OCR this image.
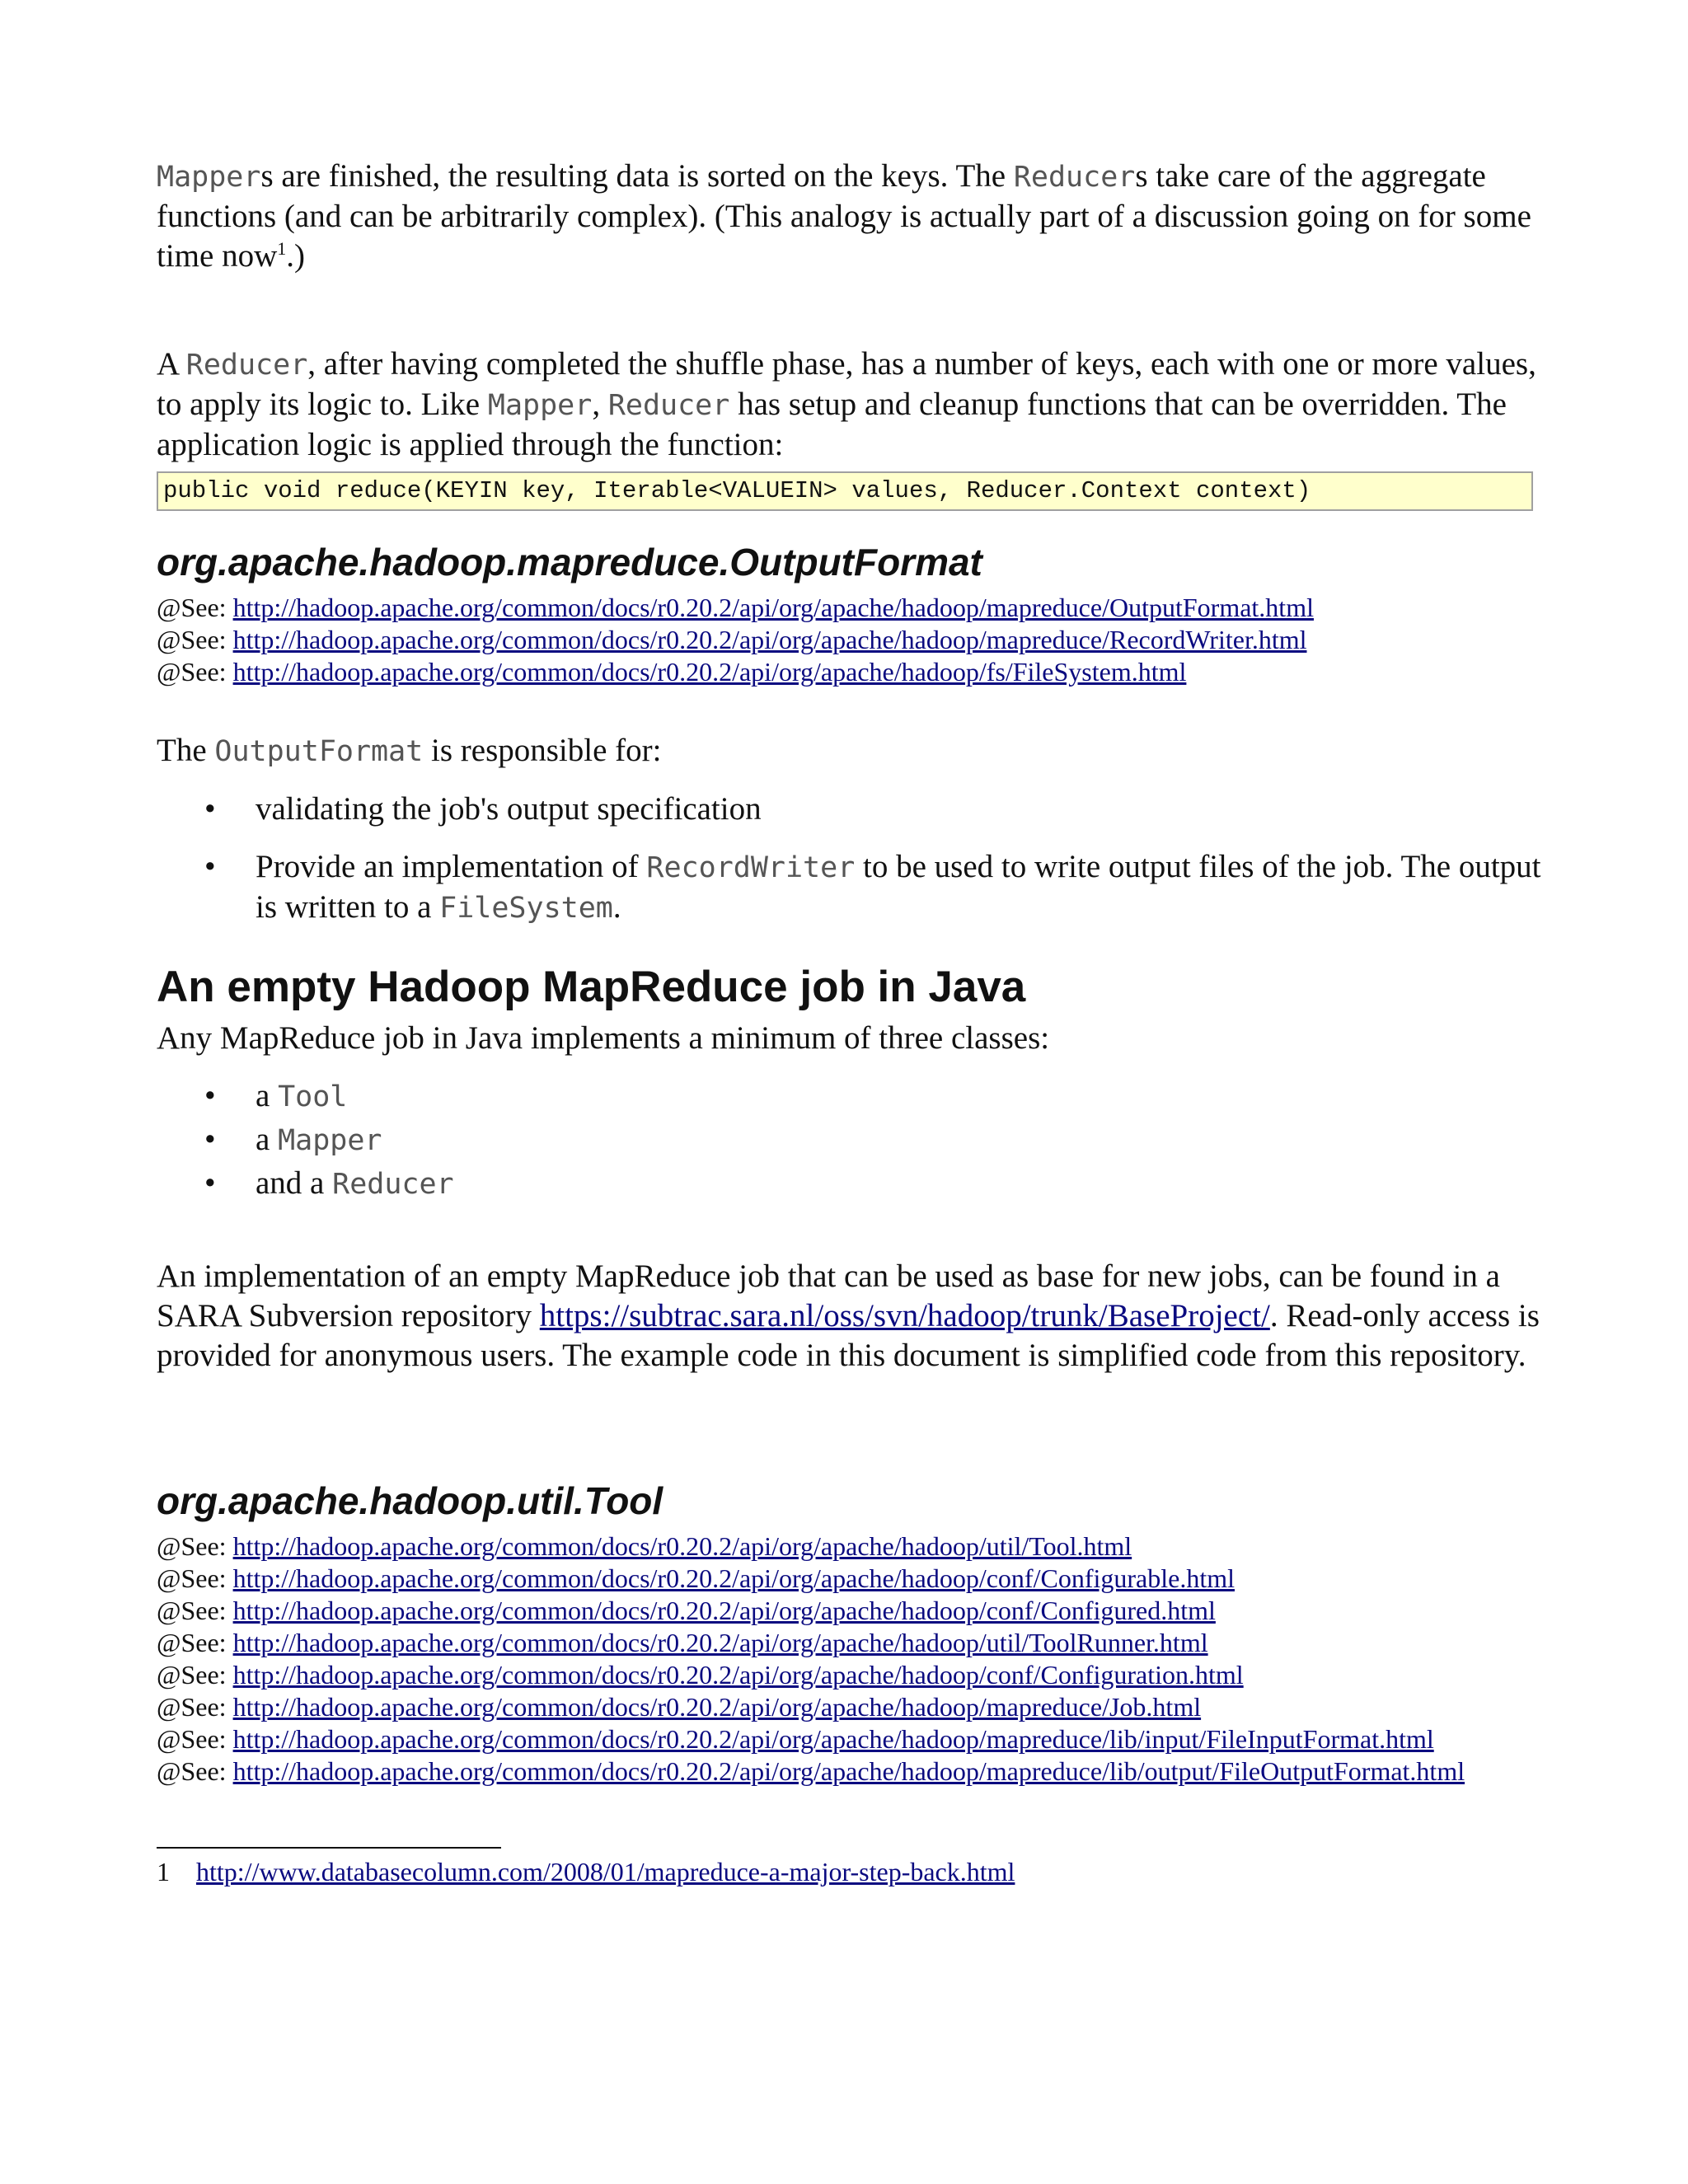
Mappers are finished, the resulting data is sorted on the keys. The Reducers take care of the aggregate functions (and can be arbitrarily complex). (This analogy is actually part of a discussion going on for some time now$^1$.)

A Reducer, after having completed the shuffle phase, has a number of keys, each with one or more values, to apply its logic to. Like Mapper, Reducer has setup and cleanup functions that can be overridden. The application logic is applied through the function:

public void reduce(KEYIN key, Iterable<VALUEIN> values, Reducer.Context context)
org.apache.hadoop.mapreduce.OutputFormat

@See: http://hadoop.apache.org/common/docs/r0.20.2/api/org/apache/hadoop/mapreduce/OutputFormat.html

@See: http://hadoop.apache.org/common/docs/r0.20.2/api/org/apache/hadoop/mapreduce/RecordWriter.html

@See: http://hadoop.apache.org/common/docs/r0.20.2/api/org/apache/hadoop/fs/FileSystem.html

The OutputFormat is responsible for:

• validating the job's output specification
• Provide an implementation of RecordWriter to be used to write output files of the job. The output is written to a FileSystem.
An empty Hadoop MapReduce job in Java

Any MapReduce job in Java implements a minimum of three classes:

• a Tool
• a Mapper
• and a Reducer

An implementation of an empty MapReduce job that can be used as base for new jobs, can be found in a SARA Subversion repository https://subtrac.sara.nl/oss/svn/hadoop/trunk/BaseProject/. Read-only access is provided for anonymous users. The example code in this document is simplified code from this repository.

org.apache.hadoop.util.Tool

@See: http://hadoop.apache.org/common/docs/r0.20.2/api/org/apache/hadoop/util/Tool.html

@See: http://hadoop.apache.org/common/docs/r0.20.2/api/org/apache/hadoop/conf/Configurable.html

@See: http://hadoop.apache.org/common/docs/r0.20.2/api/org/apache/hadoop/conf/Configured.html

@See: http://hadoop.apache.org/common/docs/r0.20.2/api/org/apache/hadoop/util/ToolRunner.html

@See: http://hadoop.apache.org/common/docs/r0.20.2/api/org/apache/hadoop/conf/Configuration.html

@See: http://hadoop.apache.org/common/docs/r0.20.2/api/org/apache/hadoop/mapreduce/Job.html

@See: http://hadoop.apache.org/common/docs/r0.20.2/api/org/apache/hadoop/mapreduce/lib/input/FileInputFormat.html

@See: http://hadoop.apache.org/common/docs/r0.20.2/api/org/apache/hadoop/mapreduce/lib/output/FileOutputFormat.html

1 http://www.databasecolumn.com/2008/01/mapreduce-a-major-step-back.html
